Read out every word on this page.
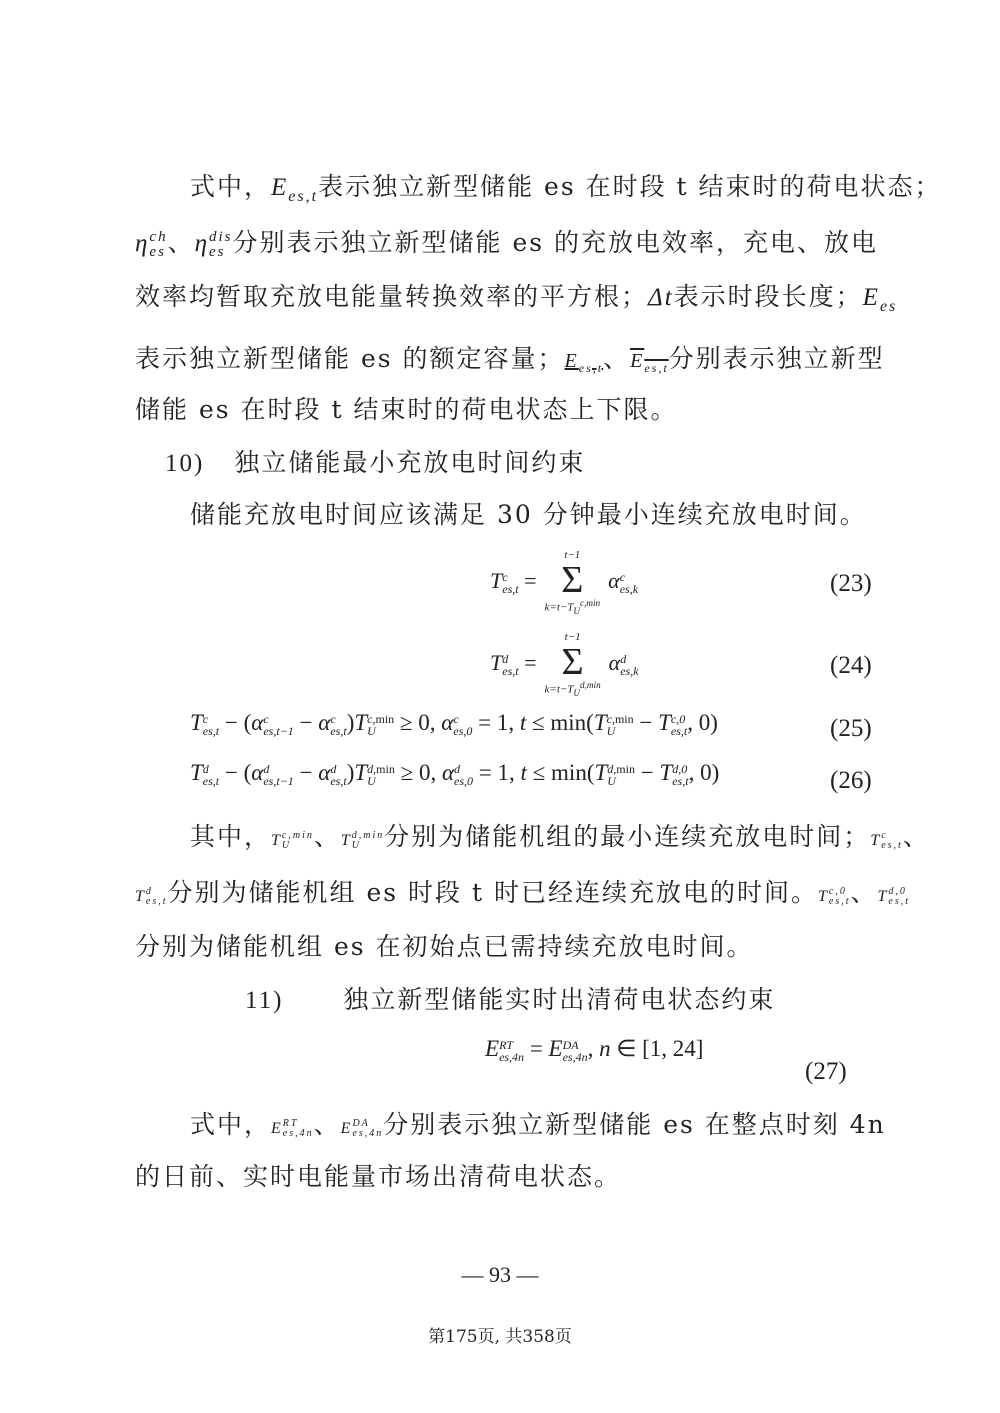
式中，$E_{es,t}$表示独立新型储能 es 在时段 t 结束时的荷电状态；
η ch
es 、η dis
es 分别表示独立新型储能 es 的充放电效率，充电、放电
效率均暂取充放电能量转换效率的平方根；Δt表示时段长度；$E_{es}$
表示独立新型储能 es 的额定容量；$E_{es,t}$、$E_{es,t}$分别表示独立新型
储能 es 在时段 t 结束时的荷电状态上下限。
10) 独立储能最小充放电时间约束
储能充放电时间应该满足 30 分钟最小连续充放电时间。
T c
es,t =
t−1
Σ
$k=t-T_U^{c,min}$
α c
es,k	(23)
T d
es,t =
t−1
Σ
$k=t-T_U^{d,min}$
α d
es,k	(24)
T c
es,t − (α c
es,t−1 − α c
es,t )T c,min
U ≥ 0, α c
es,0 = 1, t ≤ min(T c,min
U − T c,0
es,t , 0)	(25)
T d
es,t − (α d
es,t−1 − α d
es,t )T d,min
U ≥ 0, α d
es,0 = 1, t ≤ min(T d,min
U − T d,0
es,t , 0)	(26)
其中，T c,min
U 、T d,min
U 分别为储能机组的最小连续充放电时间；T c
es,t 、
T d
es,t 分别为储能机组 es 时段 t 时已经连续充放电的时间。T c,0
es,t 、T d,0
es,t
分别为储能机组 es 在初始点已需持续充放电时间。
11) 独立新型储能实时出清荷电状态约束
E RT
es,4n = E DA
es,4n , n ∈ [1, 24]
(27)
式中，E RT
es,4n 、E DA
es,4n 分别表示独立新型储能 es 在整点时刻 4n
的日前、实时电能量市场出清荷电状态。
— 93 —
第175页, 共358页
